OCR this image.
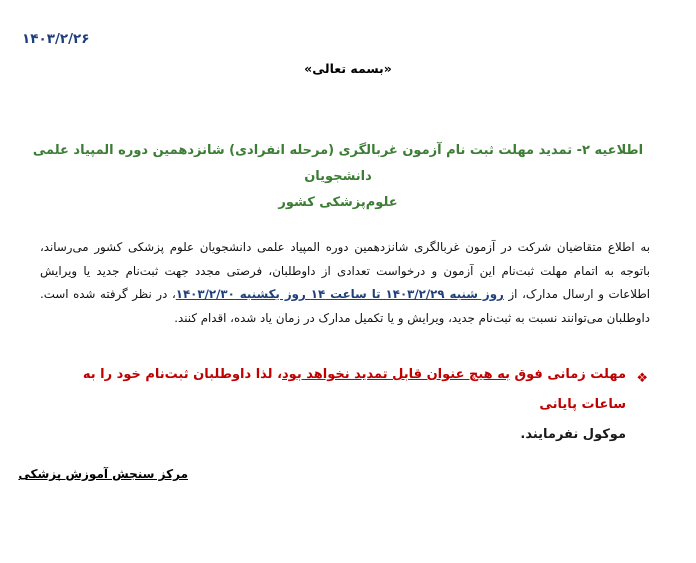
۱۴۰۳/۲/۲۶
«بسمه تعالی»
اطلاعیه ۲- تمدید مهلت ثبت نام آزمون غربالگری (مرحله انفرادی) شانزدهمین دوره المپیاد علمی دانشجویان
علوم‌پزشکی کشور
به اطلاع متقاضیان شرکت در آزمون غربالگری شانزدهمین دوره المپیاد علمی دانشجویان علوم پزشکی کشور می‌رساند، باتوجه به اتمام مهلت ثبت‌نام این آزمون و درخواست تعدادی از داوطلبان، فرصتی مجدد جهت ثبت‌نام جدید یا ویرایش اطلاعات و ارسال مدارک، از روز شنبه ۱۴۰۳/۲/۲۹ تا ساعت ۱۴ روز یکشنبه ۱۴۰۳/۲/۳۰، در نظر گرفته شده است. داوطلبان می‌توانند نسبت به ثبت‌نام جدید، ویرایش و یا تکمیل مدارک در زمان یاد شده، اقدام کنند.
❖
مهلت زمانی فوق به هیچ عنوان قابل تمدید نخواهد بود، لذا داوطلبان ثبت‌نام خود را به ساعات پایانی
موکول نفرمایند.
مرکز سنجش آموزش پزشکی
